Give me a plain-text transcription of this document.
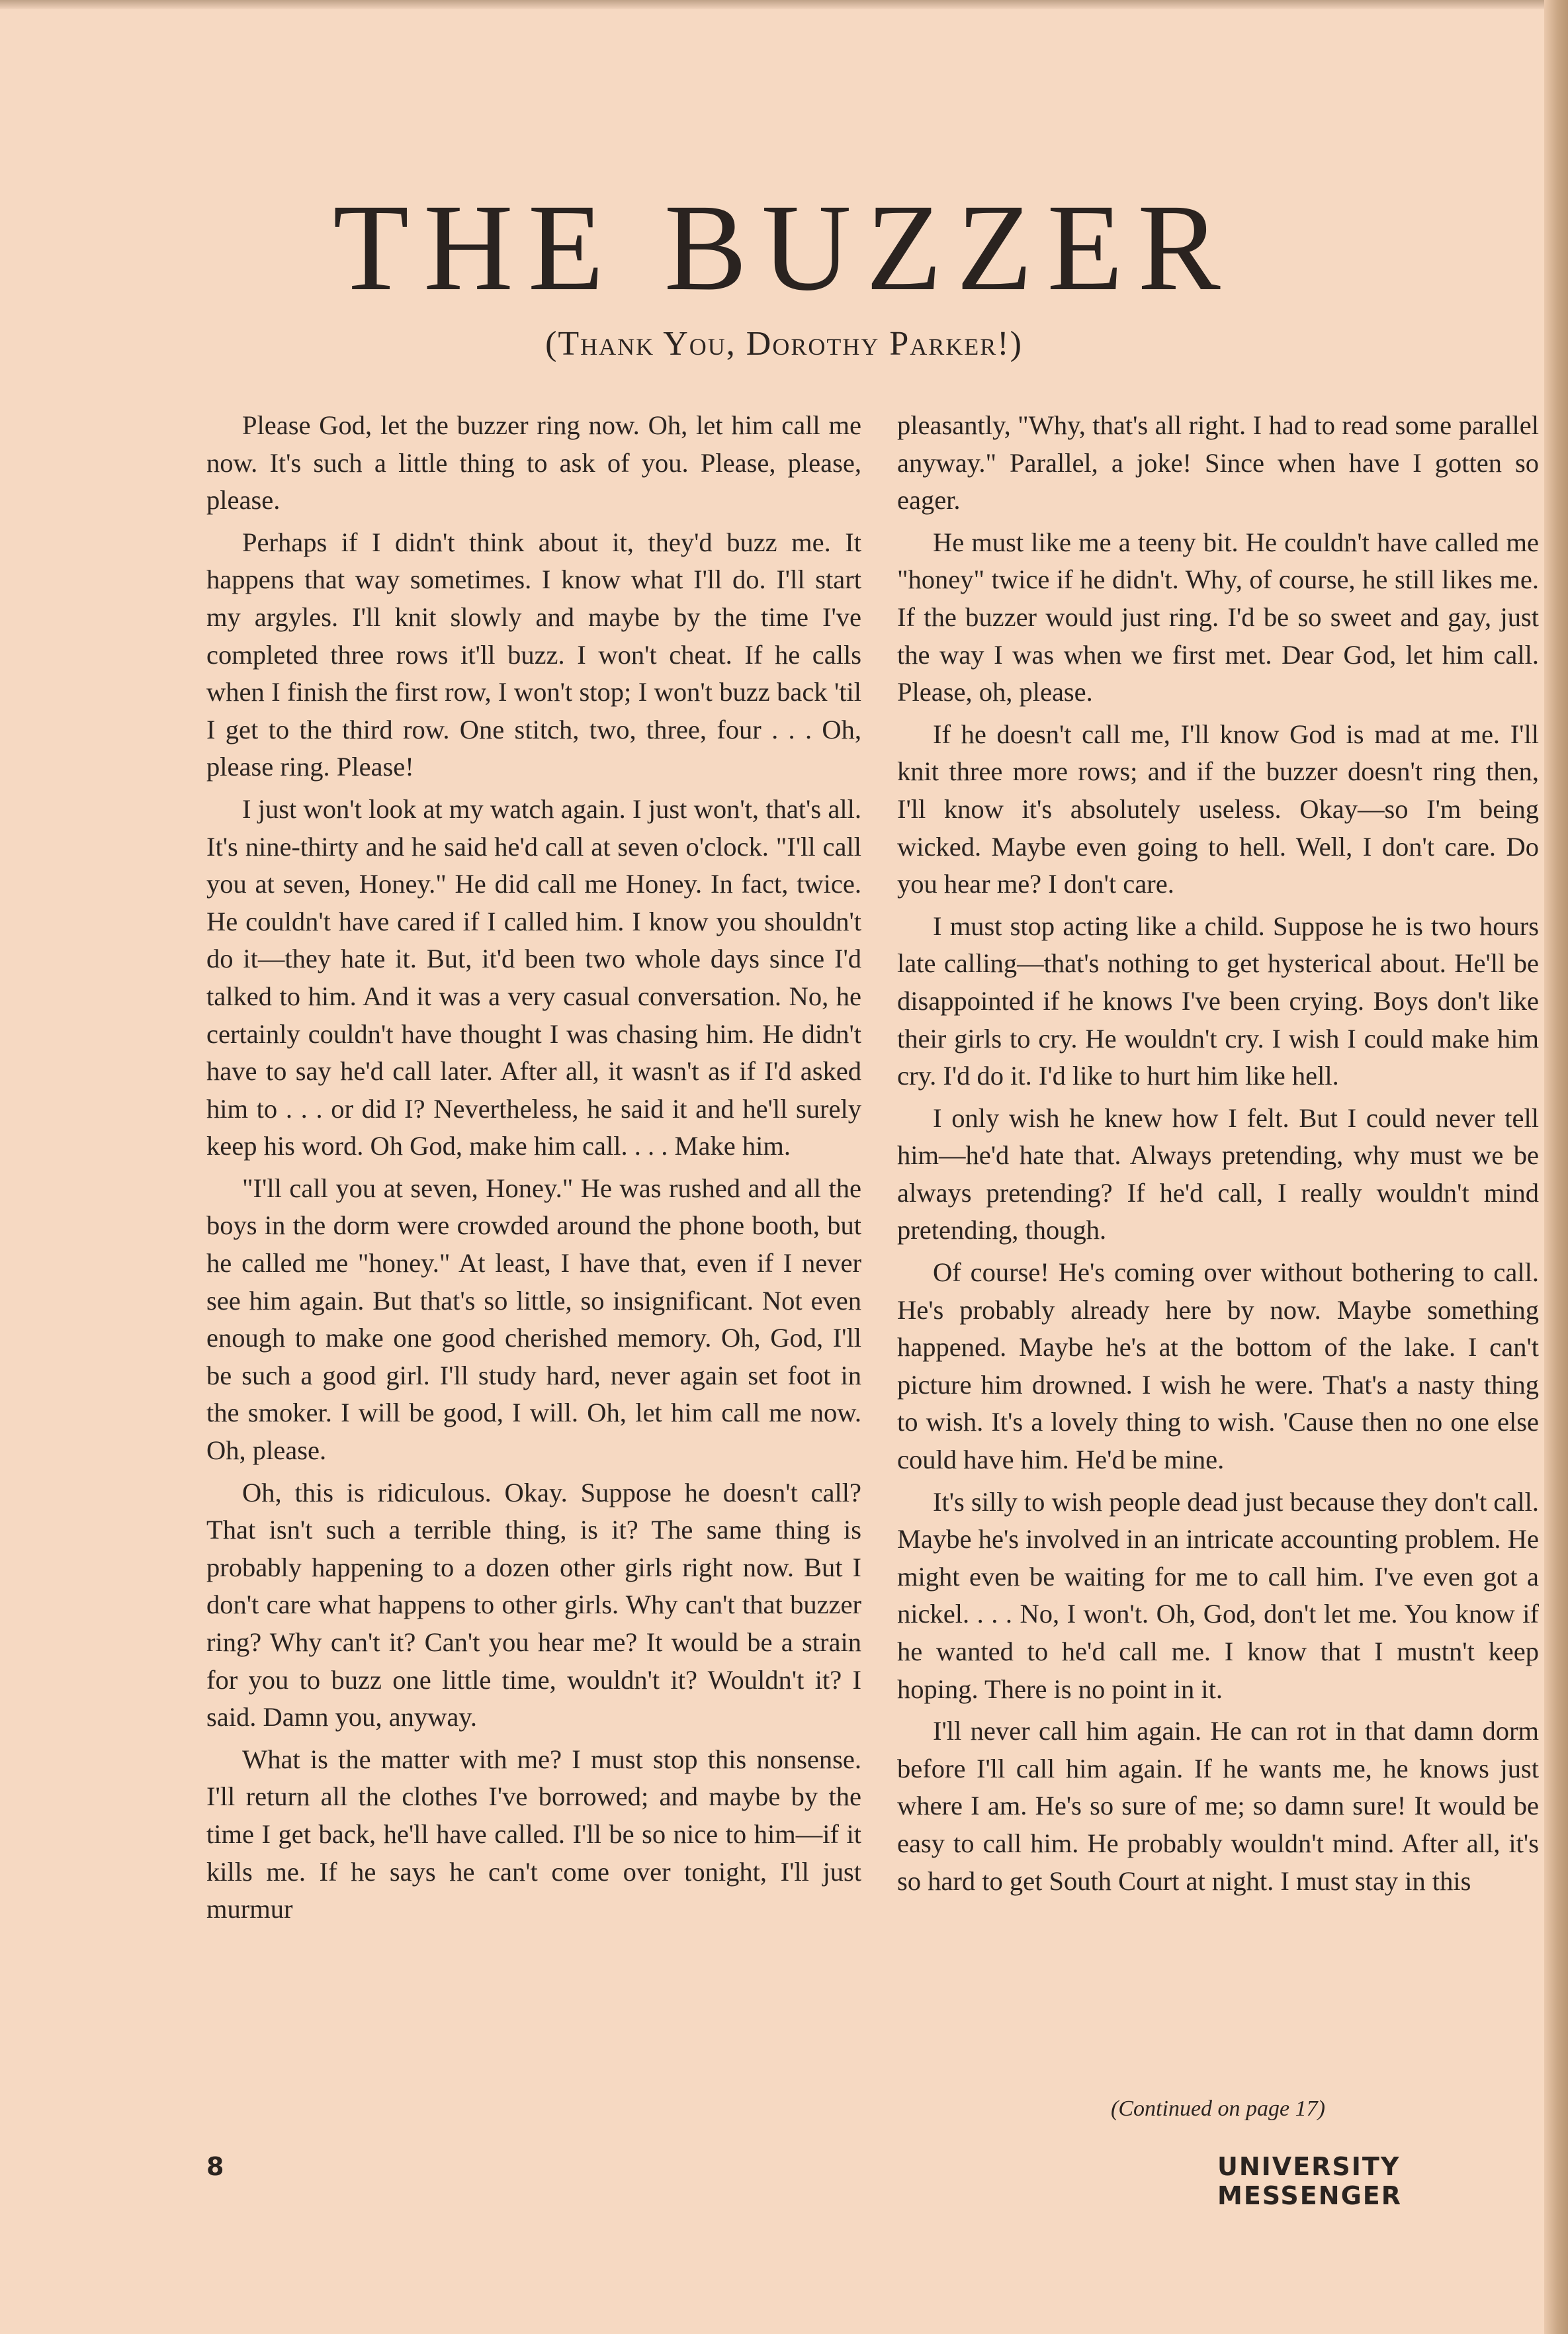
THE BUZZER
(Thank You, Dorothy Parker!)

Please God, let the buzzer ring now. Oh, let him call me now. It's such a little thing to ask of you. Please, please, please.

Perhaps if I didn't think about it, they'd buzz me. It happens that way sometimes. I know what I'll do. I'll start my argyles. I'll knit slowly and maybe by the time I've completed three rows it'll buzz. I won't cheat. If he calls when I finish the first row, I won't stop; I won't buzz back 'til I get to the third row. One stitch, two, three, four . . . Oh, please ring. Please!

I just won't look at my watch again. I just won't, that's all. It's nine-thirty and he said he'd call at seven o'clock. "I'll call you at seven, Honey." He did call me Honey. In fact, twice. He couldn't have cared if I called him. I know you shouldn't do it—they hate it. But, it'd been two whole days since I'd talked to him. And it was a very casual conversation. No, he certainly couldn't have thought I was chasing him. He didn't have to say he'd call later. After all, it wasn't as if I'd asked him to . . . or did I? Nevertheless, he said it and he'll surely keep his word. Oh God, make him call. . . . Make him.

"I'll call you at seven, Honey." He was rushed and all the boys in the dorm were crowded around the phone booth, but he called me "honey." At least, I have that, even if I never see him again. But that's so little, so insignificant. Not even enough to make one good cherished memory. Oh, God, I'll be such a good girl. I'll study hard, never again set foot in the smoker. I will be good, I will. Oh, let him call me now. Oh, please.

Oh, this is ridiculous. Okay. Suppose he doesn't call? That isn't such a terrible thing, is it? The same thing is probably happening to a dozen other girls right now. But I don't care what happens to other girls. Why can't that buzzer ring? Why can't it? Can't you hear me? It would be a strain for you to buzz one little time, wouldn't it? Wouldn't it? I said. Damn you, anyway.

What is the matter with me? I must stop this nonsense. I'll return all the clothes I've borrowed; and maybe by the time I get back, he'll have called. I'll be so nice to him—if it kills me. If he says he can't come over tonight, I'll just murmur

pleasantly, "Why, that's all right. I had to read some parallel anyway." Parallel, a joke! Since when have I gotten so eager.

He must like me a teeny bit. He couldn't have called me "honey" twice if he didn't. Why, of course, he still likes me. If the buzzer would just ring. I'd be so sweet and gay, just the way I was when we first met. Dear God, let him call. Please, oh, please.

If he doesn't call me, I'll know God is mad at me. I'll knit three more rows; and if the buzzer doesn't ring then, I'll know it's absolutely useless. Okay—so I'm being wicked. Maybe even going to hell. Well, I don't care. Do you hear me? I don't care.

I must stop acting like a child. Suppose he is two hours late calling—that's nothing to get hysterical about. He'll be disappointed if he knows I've been crying. Boys don't like their girls to cry. He wouldn't cry. I wish I could make him cry. I'd do it. I'd like to hurt him like hell.

I only wish he knew how I felt. But I could never tell him—he'd hate that. Always pretending, why must we be always pretending? If he'd call, I really wouldn't mind pretending, though.

Of course! He's coming over without bothering to call. He's probably already here by now. Maybe something happened. Maybe he's at the bottom of the lake. I can't picture him drowned. I wish he were. That's a nasty thing to wish. It's a lovely thing to wish. 'Cause then no one else could have him. He'd be mine.

It's silly to wish people dead just because they don't call. Maybe he's involved in an intricate accounting problem. He might even be waiting for me to call him. I've even got a nickel. . . . No, I won't. Oh, God, don't let me. You know if he wanted to he'd call me. I know that I mustn't keep hoping. There is no point in it.

I'll never call him again. He can rot in that damn dorm before I'll call him again. If he wants me, he knows just where I am. He's so sure of me; so damn sure! It would be easy to call him. He probably wouldn't mind. After all, it's so hard to get South Court at night. I must stay in this

(Continued on page 17)
8	UNIVERSITY MESSENGER
